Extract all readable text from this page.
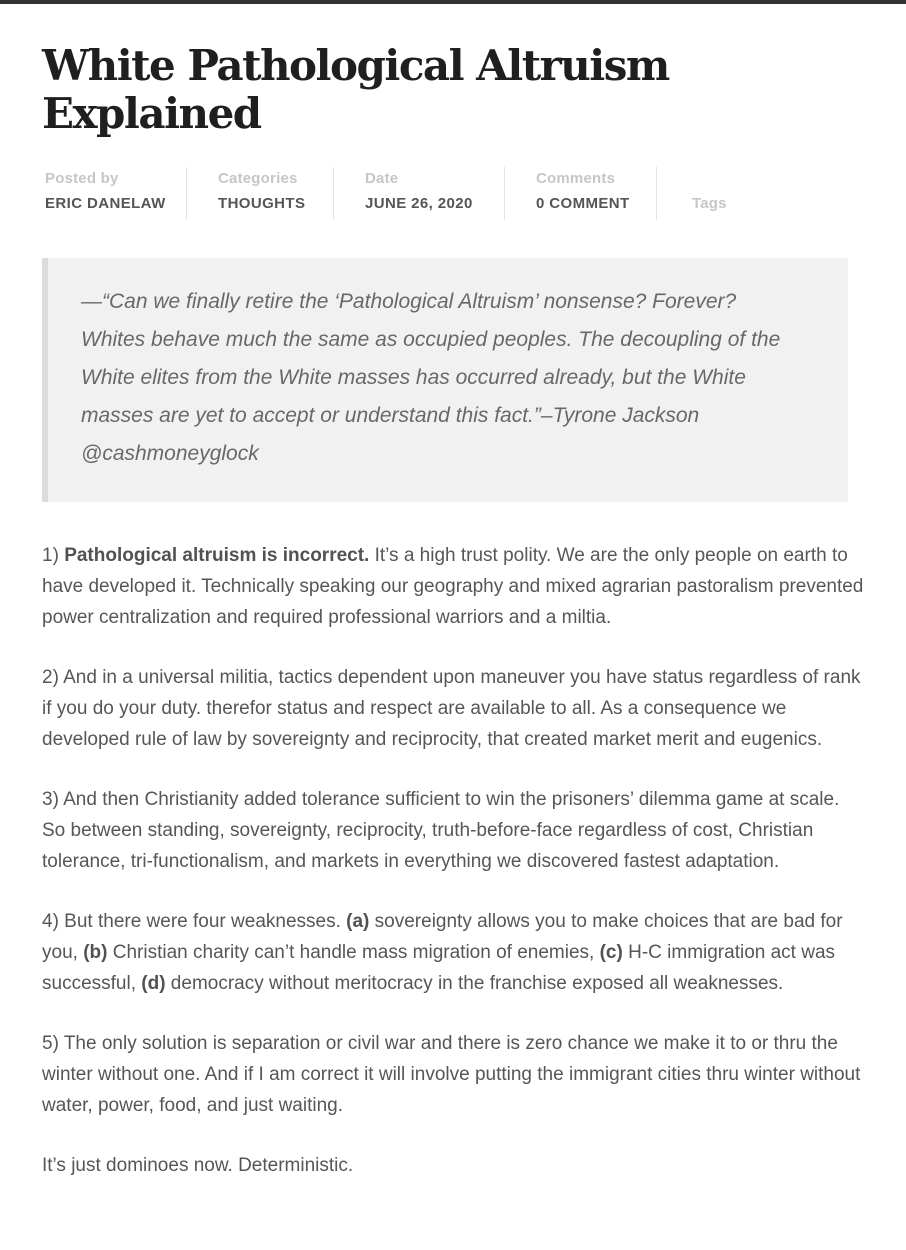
White Pathological Altruism Explained
Posted by
ERIC DANELAW
Categories
THOUGHTS
Date
JUNE 26, 2020
Comments
0 COMMENT	Tags

—“Can we finally retire the ‘Pathological Altruism’ nonsense? Forever? Whites behave much the same as occupied peoples. The decoupling of the White elites from the White masses has occurred already, but the White masses are yet to accept or understand this fact.”–Tyrone Jackson @cashmoneyglock

1) Pathological altruism is incorrect. It’s a high trust polity. We are the only people on earth to have developed it. Technically speaking our geography and mixed agrarian pastoralism prevented power centralization and required professional warriors and a miltia.

2) And in a universal militia, tactics dependent upon maneuver you have status regardless of rank if you do your duty. therefor status and respect are available to all. As a consequence we developed rule of law by sovereignty and reciprocity, that created market merit and eugenics.

3) And then Christianity added tolerance sufficient to win the prisoners’ dilemma game at scale. So between standing, sovereignty, reciprocity, truth-before-face regardless of cost, Christian tolerance, tri-functionalism, and markets in everything we discovered fastest adaptation.

4) But there were four weaknesses. (a) sovereignty allows you to make choices that are bad for you, (b) Christian charity can’t handle mass migration of enemies, (c) H-C immigration act was successful, (d) democracy without meritocracy in the franchise exposed all weaknesses.

5) The only solution is separation or civil war and there is zero chance we make it to or thru the winter without one. And if I am correct it will involve putting the immigrant cities thru winter without water, power, food, and just waiting.

It’s just dominoes now. Deterministic.
